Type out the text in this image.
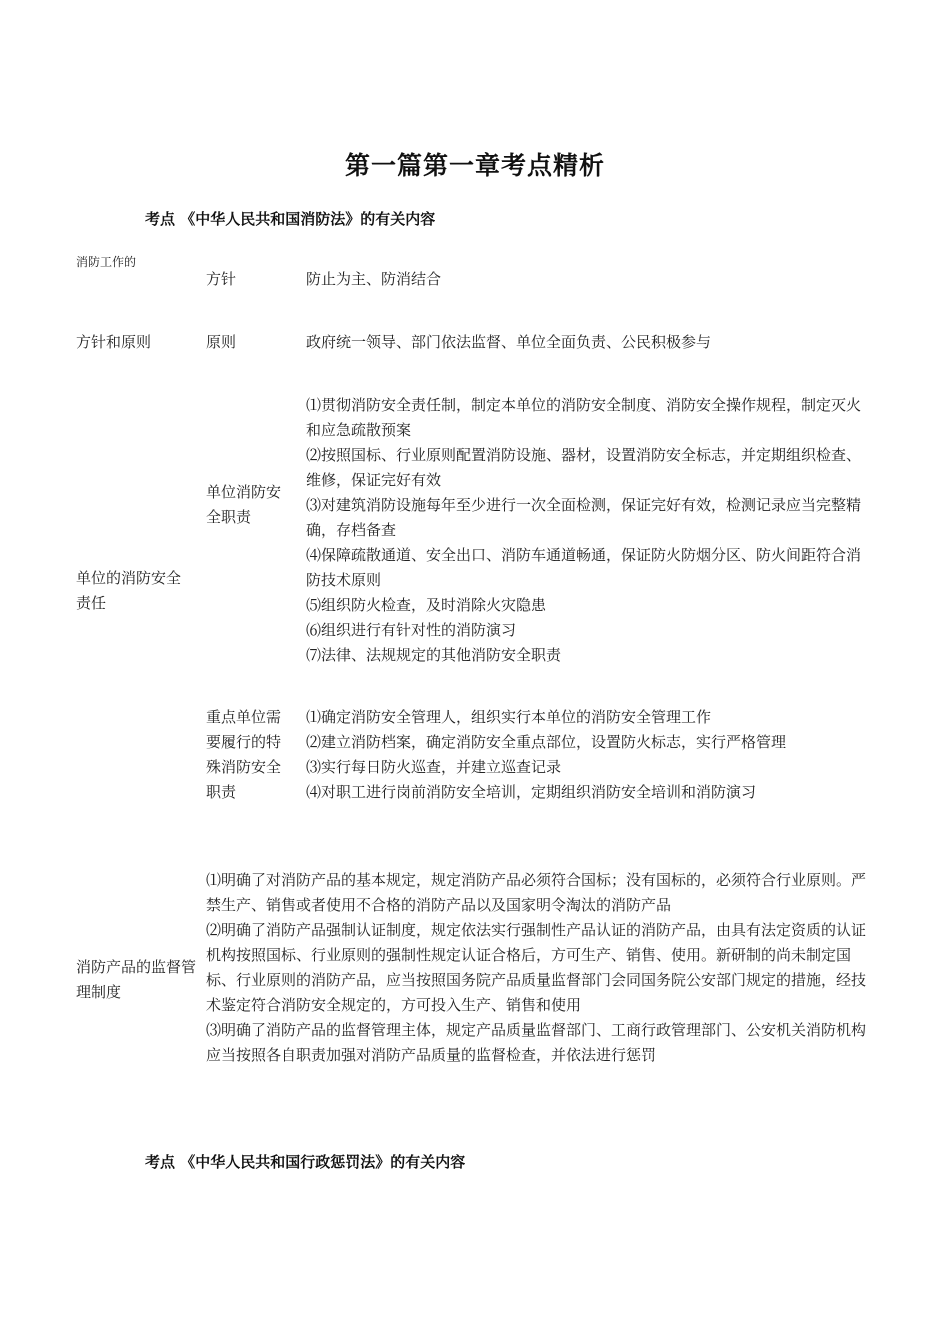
第一篇第一章考点精析
考点 《中华人民共和国消防法》的有关内容
消防工作的
方针和原则
方针	防止为主、防消结合
原则	政府统一领导、部门依法监督、单位全面负责、公民积极参与
单位的消防安全责任
单位消防安全职责
⑴贯彻消防安全责任制，制定本单位的消防安全制度、消防安全操作规程，制定灭火和应急疏散预案
⑵按照国标、行业原则配置消防设施、器材，设置消防安全标志，并定期组织检查、维修，保证完好有效
⑶对建筑消防设施每年至少进行一次全面检测，保证完好有效，检测记录应当完整精确，存档备查
⑷保障疏散通道、安全出口、消防车通道畅通，保证防火防烟分区、防火间距符合消防技术原则
⑸组织防火检查，及时消除火灾隐患
⑹组织进行有针对性的消防演习
⑺法律、法规规定的其他消防安全职责
重点单位需要履行的特殊消防安全职责
⑴确定消防安全管理人，组织实行本单位的消防安全管理工作
⑵建立消防档案，确定消防安全重点部位，设置防火标志，实行严格管理
⑶实行每日防火巡查，并建立巡查记录
⑷对职工进行岗前消防安全培训，定期组织消防安全培训和消防演习
消防产品的监督管理制度
⑴明确了对消防产品的基本规定，规定消防产品必须符合国标；没有国标的，必须符合行业原则。严禁生产、销售或者使用不合格的消防产品以及国家明令淘汰的消防产品
⑵明确了消防产品强制认证制度，规定依法实行强制性产品认证的消防产品，由具有法定资质的认证机构按照国标、行业原则的强制性规定认证合格后，方可生产、销售、使用。新研制的尚未制定国标、行业原则的消防产品，应当按照国务院产品质量监督部门会同国务院公安部门规定的措施，经技术鉴定符合消防安全规定的，方可投入生产、销售和使用
⑶明确了消防产品的监督管理主体，规定产品质量监督部门、工商行政管理部门、公安机关消防机构应当按照各自职责加强对消防产品质量的监督检查，并依法进行惩罚
考点 《中华人民共和国行政惩罚法》的有关内容
